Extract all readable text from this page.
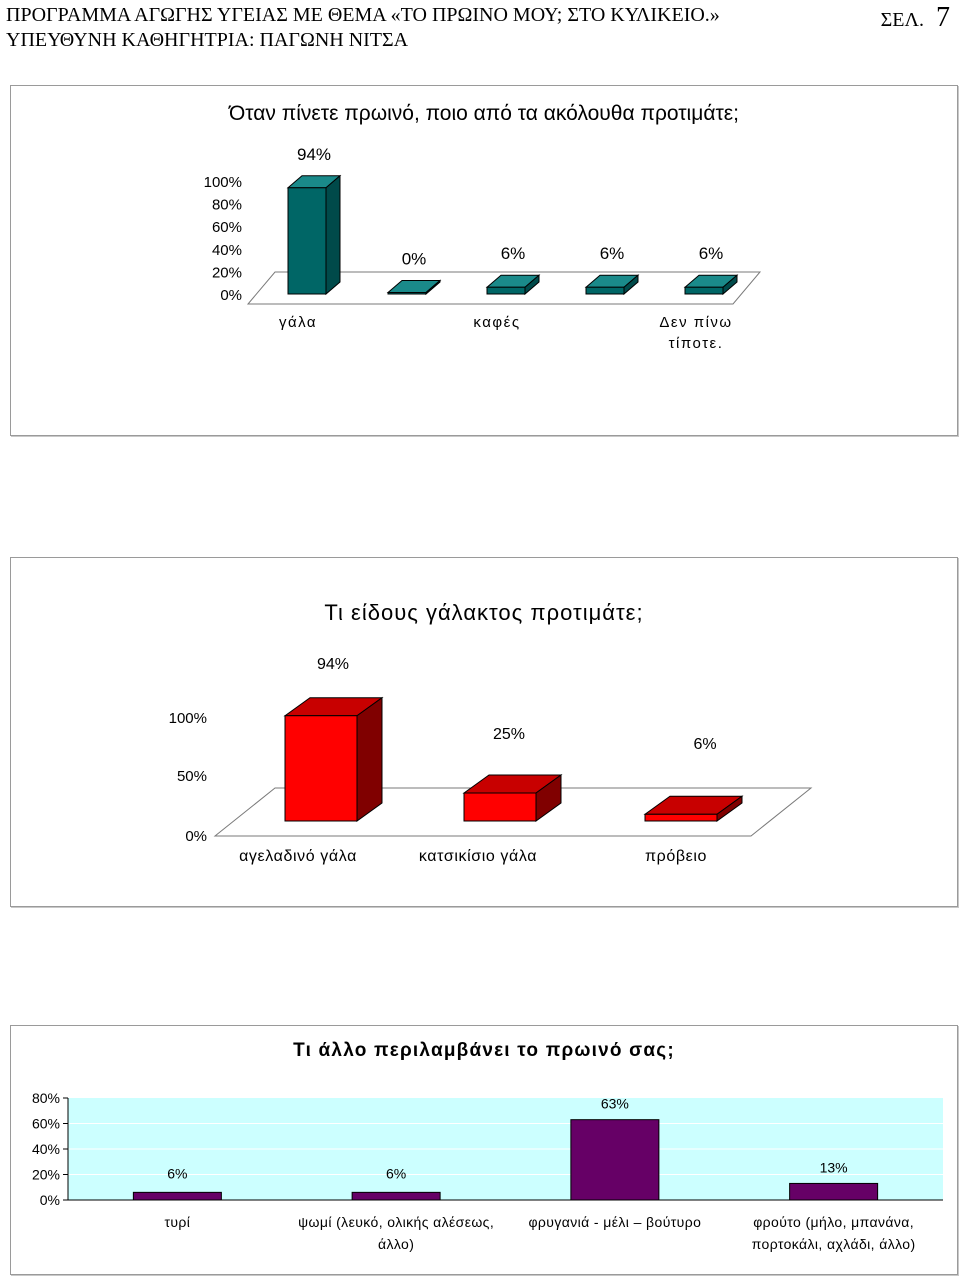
ΠΡΟΓΡΑΜΜΑ ΑΓΩΓΗΣ ΥΓΕΙΑΣ ΜΕ ΘΕΜΑ «ΤΟ ΠΡΩΙΝΟ ΜΟΥ; ΣΤΟ ΚΥΛΙΚΕΙΟ.»
ΥΠΕΥΘΥΝΗ ΚΑΘΗΓΗΤΡΙΑ: ΠΑΓΩΝΗ ΝΙΤΣΑ
ΣΕΛ. 7
Όταν πίνετε πρωινό, ποιο από τα ακόλουθα προτιμάτε;
100%
80%
60%
40%
20%
0%
94%
0%	6%	6%	6%
γάλα	καφές	Δεν πίνω
τίποτε.
Τι είδους γάλακτος προτιμάτε;
100%
50%
0%
94%
25%
6%
αγελαδινό γάλα	κατσικίσιο γάλα	πρόβειο
Τι άλλο περιλαμβάνει το πρωινό σας;
80%
60%
40%
20%
0%
6%
τυρί
6%
ψωμί (λευκό, ολικής αλέσεως,
άλλο)
63%
φρυγανιά - μέλι – βούτυρο
13%
φρούτο (μήλο, μπανάνα,
πορτοκάλι, αχλάδι, άλλο)
